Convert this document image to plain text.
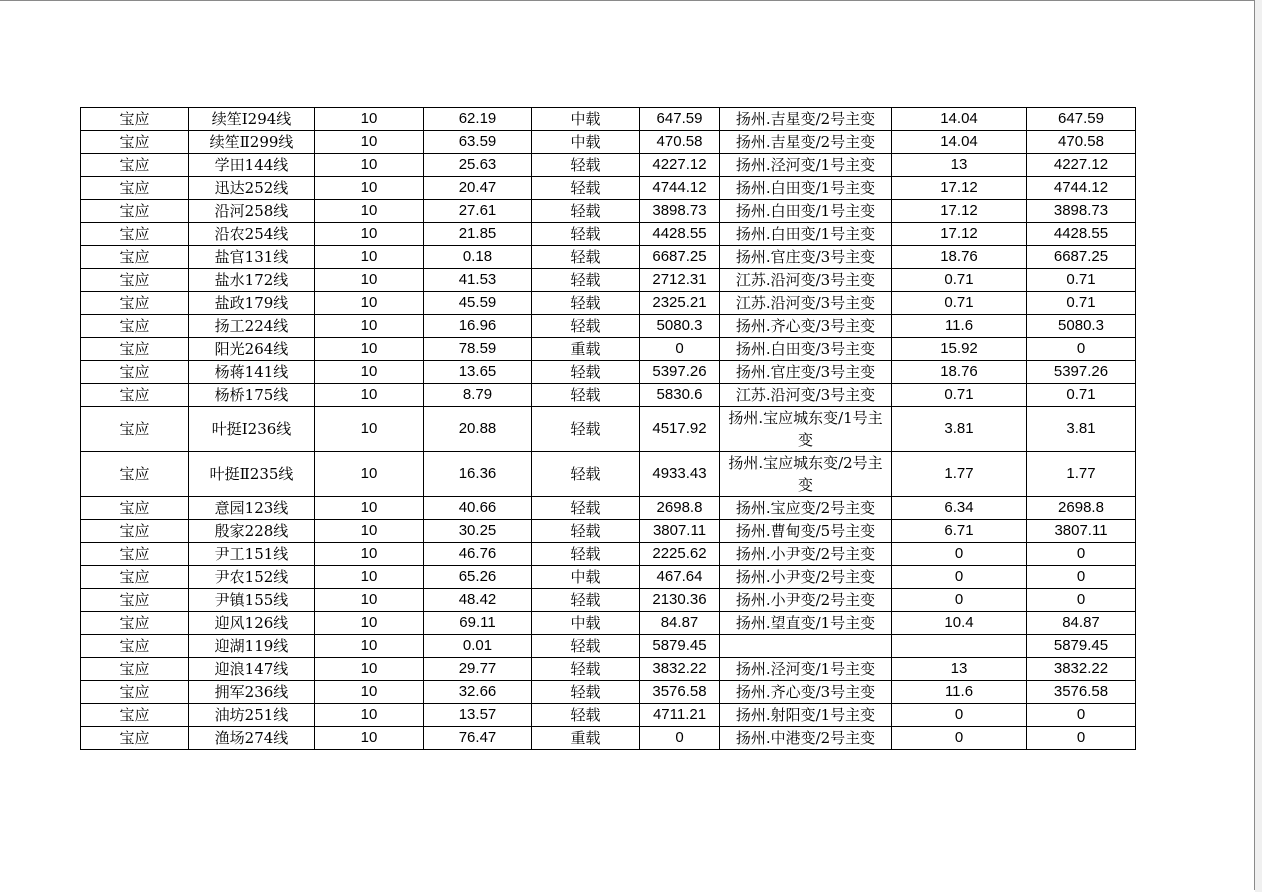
宝应	续笙Ⅰ294线	10	62.19	中载	647.59	扬州.吉星变/2号主变	14.04	647.59
宝应	续笙Ⅱ299线	10	63.59	中载	470.58	扬州.吉星变/2号主变	14.04	470.58
宝应	学田144线	10	25.63	轻载	4227.12	扬州.泾河变/1号主变	13	4227.12
宝应	迅达252线	10	20.47	轻载	4744.12	扬州.白田变/1号主变	17.12	4744.12
宝应	沿河258线	10	27.61	轻载	3898.73	扬州.白田变/1号主变	17.12	3898.73
宝应	沿农254线	10	21.85	轻载	4428.55	扬州.白田变/1号主变	17.12	4428.55
宝应	盐官131线	10	0.18	轻载	6687.25	扬州.官庄变/3号主变	18.76	6687.25
宝应	盐水172线	10	41.53	轻载	2712.31	江苏.沿河变/3号主变	0.71	0.71
宝应	盐政179线	10	45.59	轻载	2325.21	江苏.沿河变/3号主变	0.71	0.71
宝应	扬工224线	10	16.96	轻载	5080.3	扬州.齐心变/3号主变	11.6	5080.3
宝应	阳光264线	10	78.59	重载	0	扬州.白田变/3号主变	15.92	0
宝应	杨蒋141线	10	13.65	轻载	5397.26	扬州.官庄变/3号主变	18.76	5397.26
宝应	杨桥175线	10	8.79	轻载	5830.6	江苏.沿河变/3号主变	0.71	0.71
宝应	叶挺Ⅰ236线	10	20.88	轻载	4517.92	扬州.宝应城东变/1号主变	3.81	3.81
宝应	叶挺Ⅱ235线	10	16.36	轻载	4933.43	扬州.宝应城东变/2号主变	1.77	1.77
宝应	意园123线	10	40.66	轻载	2698.8	扬州.宝应变/2号主变	6.34	2698.8
宝应	殷家228线	10	30.25	轻载	3807.11	扬州.曹甸变/5号主变	6.71	3807.11
宝应	尹工151线	10	46.76	轻载	2225.62	扬州.小尹变/2号主变	0	0
宝应	尹农152线	10	65.26	中载	467.64	扬州.小尹变/2号主变	0	0
宝应	尹镇155线	10	48.42	轻载	2130.36	扬州.小尹变/2号主变	0	0
宝应	迎风126线	10	69.11	中载	84.87	扬州.望直变/1号主变	10.4	84.87
宝应	迎湖119线	10	0.01	轻载	5879.45			5879.45
宝应	迎浪147线	10	29.77	轻载	3832.22	扬州.泾河变/1号主变	13	3832.22
宝应	拥军236线	10	32.66	轻载	3576.58	扬州.齐心变/3号主变	11.6	3576.58
宝应	油坊251线	10	13.57	轻载	4711.21	扬州.射阳变/1号主变	0	0
宝应	渔场274线	10	76.47	重载	0	扬州.中港变/2号主变	0	0
